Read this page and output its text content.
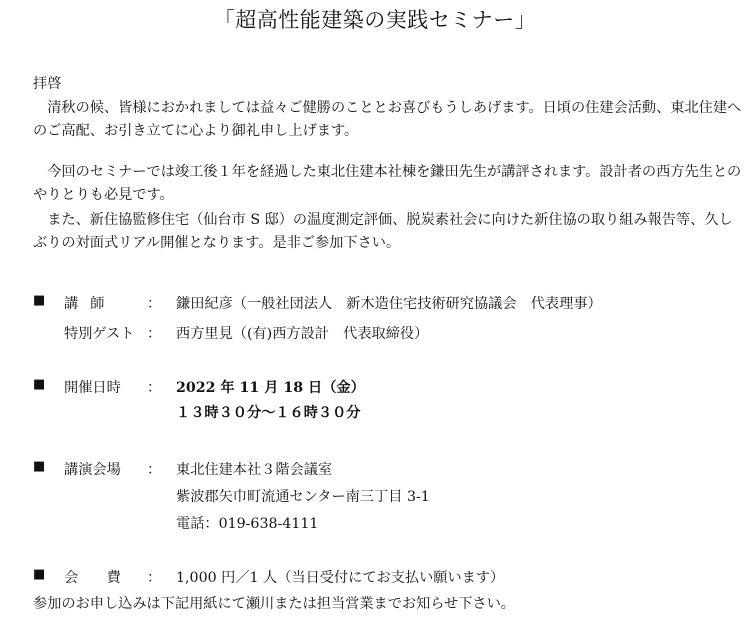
「超高性能建築の実践セミナー」
拝啓
　清秋の候、皆様におかれましては益々ご健勝のこととお喜びもうしあげます。日頃の住建会活動、東北住建へのご高配、お引き立てに心より御礼申し上げます。
　今回のセミナーでは竣工後１年を経過した東北住建本社棟を鎌田先生が講評されます。設計者の西方先生とのやりとりも必見です。
　また、新住協監修住宅（仙台市 S 邸）の温度測定評価、脱炭素社会に向けた新住協の取り組み報告等、久しぶりの対面式リアル開催となります。是非ご参加下さい。
■ 講師	： 鎌田紀彦（一般社団法人　新木造住宅技術研究協議会　代表理事）
特別ゲスト ： 西方里見（(有)西方設計　代表取締役）
■ 開催日時 ： 2022 年 11 月 18 日（金）
１３時３０分～１６時３０分
■ 講演会場 ： 東北住建本社３階会議室
紫波郡矢巾町流通センター南三丁目 3-1
電話：019-638-4111
■ 会　　費 ： 1,000 円／1 人（当日受付にてお支払い願います）
参加のお申し込みは下記用紙にて瀬川または担当営業までお知らせ下さい。
